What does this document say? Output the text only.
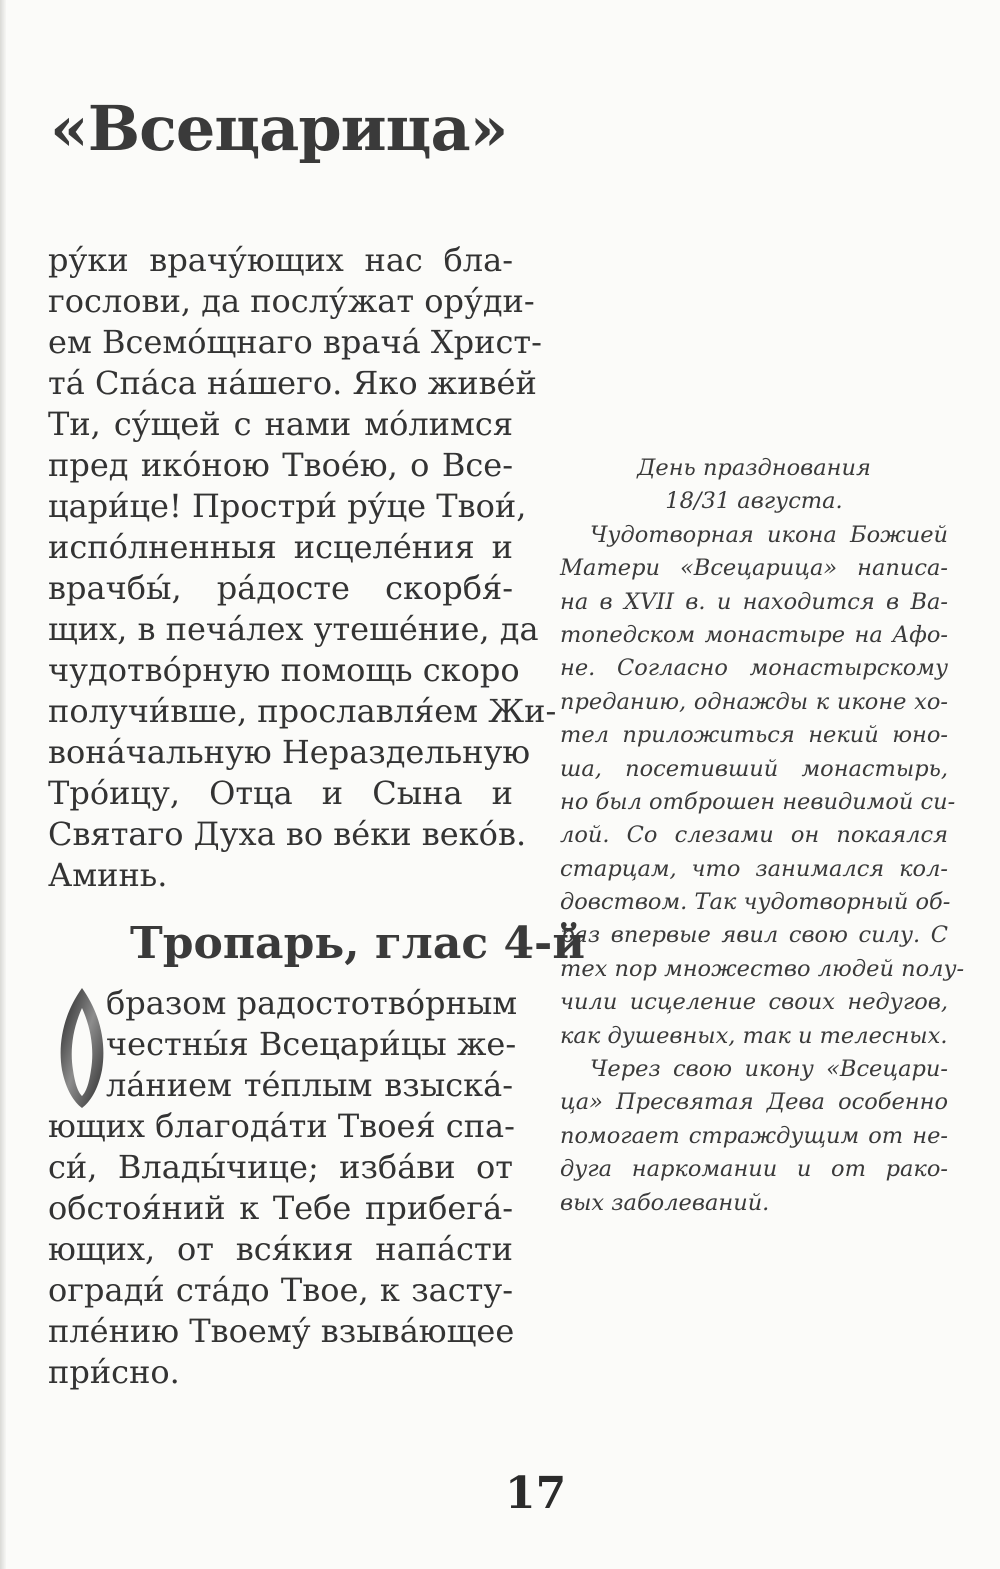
«Всецарица»
ру́ки врачу́ющих нас бла-
гослови, да послу́жат ору́ди-
ем Всемо́щнаго врача́ Христ-
та́ Спа́са на́шего. Яко живе́й
Ти, су́щей с нами мо́лимся
пред ико́ною Твое́ю, о Все-
цари́це! Простри́ ру́це Твои́,
испо́лненныя исцеле́ния и
врачбы́, ра́досте скорбя́-
щих, в печа́лех утеше́ние, да
чудотво́рную помощь скоро
получи́вше, прославля́ем Жи-
вона́чальную Нераздельную
Тро́ицу, Отца и Сына и
Святаго Духа во ве́ки веко́в.
Аминь.
Тропарь, глас 4-й
О
бразом радостотво́рным
честны́я Всецари́цы же-
ла́нием те́плым взыска́-
ющих благода́ти Твоея́ спа-
си́, Влады́чице; изба́ви от
обстоя́ний к Тебе прибега́-
ющих, от вся́кия напа́сти
огради́ ста́до Твое, к засту-
пле́нию Твоему́ взыва́ющее
при́сно.
День празднования
18/31 августа.
Чудотворная икона Божией
Матери «Всецарица» написа-
на в XVII в. и находится в Ва-
топедском монастыре на Афо-
не. Согласно монастырскому
преданию, однажды к иконе хо-
тел приложиться некий юно-
ша, посетивший монастырь,
но был отброшен невидимой си-
лой. Со слезами он покаялся
старцам, что занимался кол-
довством. Так чудотворный об-
раз впервые явил свою силу. С
тех пор множество людей полу-
чили исцеление своих недугов,
как душевных, так и телесных.
Через свою икону «Всецари-
ца» Пресвятая Дева особенно
помогает страждущим от не-
дуга наркомании и от рако-
вых заболеваний.
17
